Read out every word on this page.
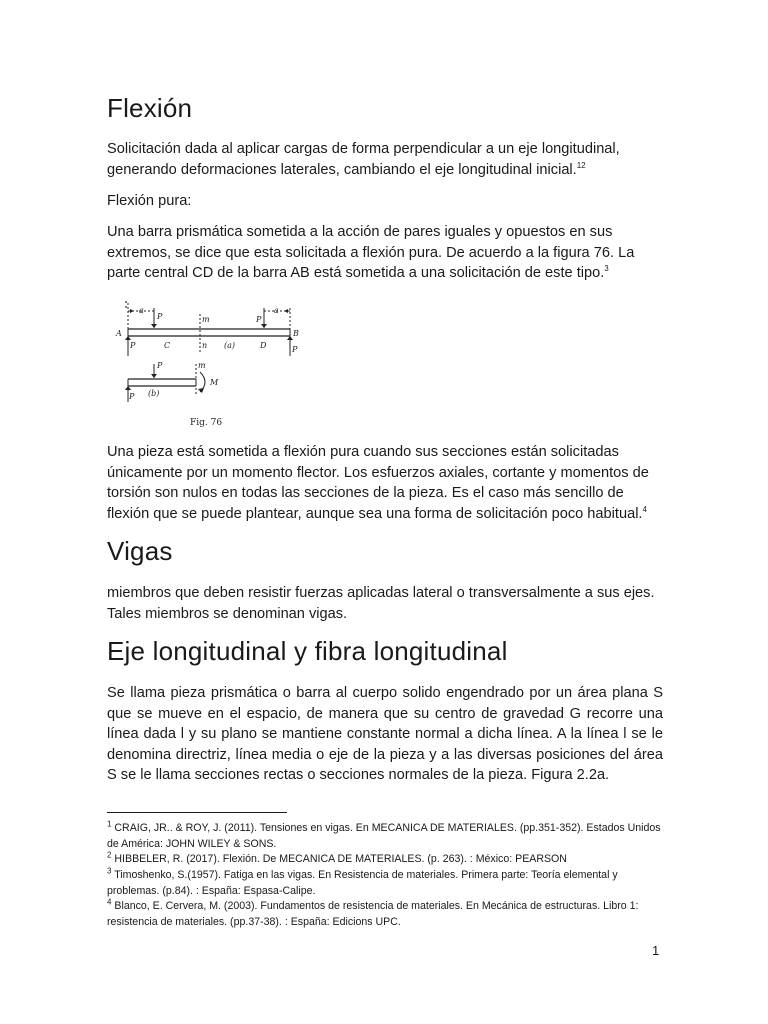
Flexión

Solicitación dada al aplicar cargas de forma perpendicular a un eje longitudinal, generando deformaciones laterales, cambiando el eje longitudinal inicial.$^{12}$

Flexión pura:

Una barra prismática sometida a la acción de pares iguales y opuestos en sus extremos, se dice que esta solicitada a flexión pura. De acuerdo a la figura 76. La parte central CD de la barra AB está sometida a una solicitación de este tipo.$^3$

A	B
a	a
P	P
m
P	C	n (a)	D	P
P	m
M
P (b)
Fig. 76

Una pieza está sometida a flexión pura cuando sus secciones están solicitadas únicamente por un momento flector. Los esfuerzos axiales, cortante y momentos de torsión son nulos en todas las secciones de la pieza. Es el caso más sencillo de flexión que se puede plantear, aunque sea una forma de solicitación poco habitual.$^4$

Vigas

miembros que deben resistir fuerzas aplicadas lateral o transversalmente a sus ejes. Tales miembros se denominan vigas.

Eje longitudinal y fibra longitudinal

Se llama pieza prismática o barra al cuerpo solido engendrado por un área plana S que se mueve en el espacio, de manera que su centro de gravedad G recorre una línea dada l y su plano se mantiene constante normal a dicha línea. A la línea l se le denomina directriz, línea media o eje de la pieza y a las diversas posiciones del área S se le llama secciones rectas o secciones normales de la pieza. Figura 2.2a.

$^1$ CRAIG, JR.. & ROY, J. (2011). Tensiones en vigas. En MECANICA DE MATERIALES. (pp.351-352). Estados Unidos de América: JOHN WILEY & SONS.

$^2$ HIBBELER, R. (2017). Flexión. De MECANICA DE MATERIALES. (p. 263). : México: PEARSON

$^3$ Timoshenko, S.(1957). Fatiga en las vigas. En Resistencia de materiales. Primera parte: Teoría elemental y problemas. (p.84). : España: Espasa-Calipe.

$^4$ Blanco, E. Cervera, M. (2003). Fundamentos de resistencia de materiales. En Mecánica de estructuras. Libro 1: resistencia de materiales. (pp.37-38). : España: Edicions UPC.

1
